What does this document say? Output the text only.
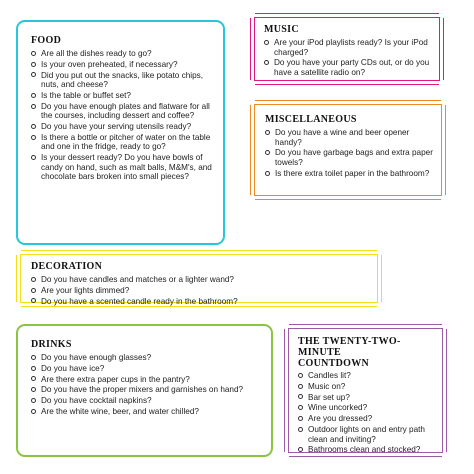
FOOD
Are all the dishes ready to go?
Is your oven preheated, if necessary?
Did you put out the snacks, like potato chips, nuts, and cheese?
Is the table or buffet set?
Do you have enough plates and flatware for all the courses, including dessert and coffee?
Do you have your serving utensils ready?
Is there a bottle or pitcher of water on the table and one in the fridge, ready to go?
Is your dessert ready? Do you have bowls of candy on hand, such as malt balls, M&M's, and chocolate bars broken into small pieces?
MUSIC
Are your iPod playlists ready? Is your iPod charged?
Do you have your party CDs out, or do you have a satellite radio on?
MISCELLANEOUS
Do you have a wine and beer opener handy?
Do you have garbage bags and extra paper towels?
Is there extra toilet paper in the bathroom?
DECORATION
Do you have candles and matches or a lighter wand?
Are your lights dimmed?
Do you have a scented candle ready in the bathroom?
DRINKS
Do you have enough glasses?
Do you have ice?
Are there extra paper cups in the pantry?
Do you have the proper mixers and garnishes on hand?
Do you have cocktail napkins?
Are the white wine, beer, and water chilled?
THE TWENTY-TWO-MINUTE
COUNTDOWN
Candles lit?
Music on?
Bar set up?
Wine uncorked?
Are you dressed?
Outdoor lights on and entry path clean and inviting?
Bathrooms clean and stocked?
